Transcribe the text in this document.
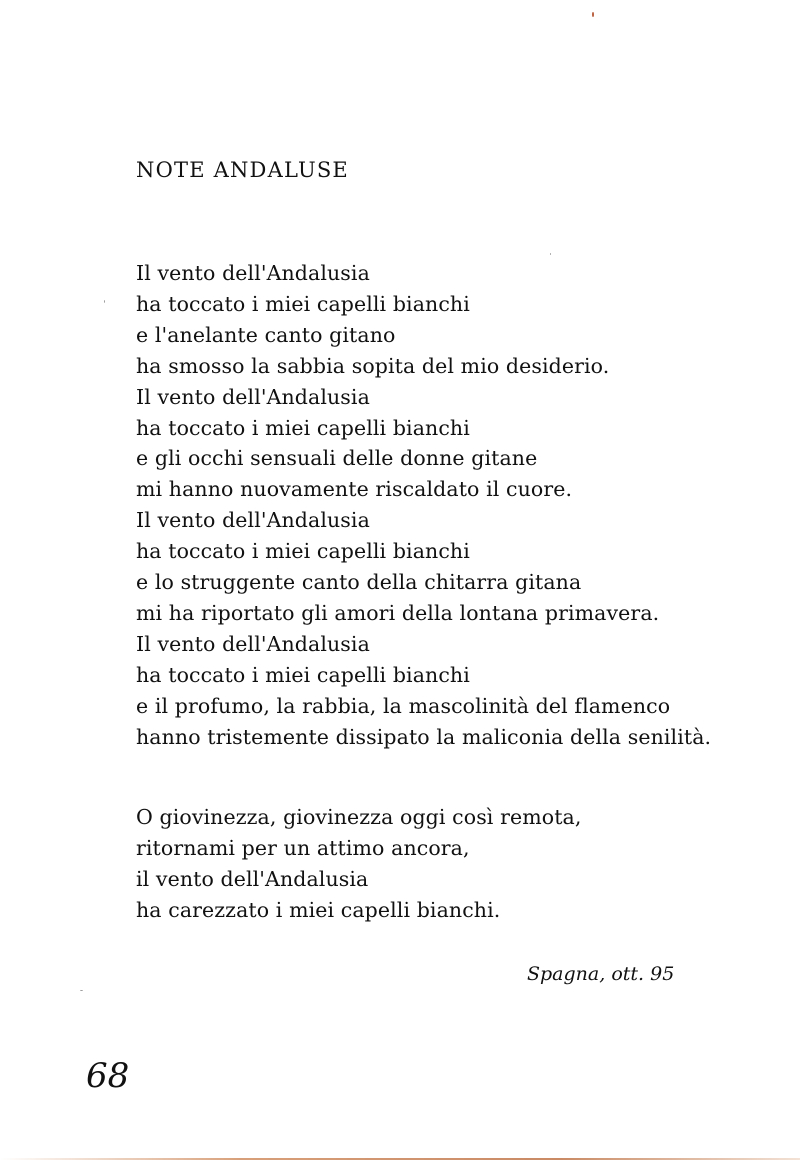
NOTE ANDALUSE
Il vento dell'Andalusia
ha toccato i miei capelli bianchi
e l'anelante canto gitano
ha smosso la sabbia sopita del mio desiderio.
Il vento dell'Andalusia
ha toccato i miei capelli bianchi
e gli occhi sensuali delle donne gitane
mi hanno nuovamente riscaldato il cuore.
Il vento dell'Andalusia
ha toccato i miei capelli bianchi
e lo struggente canto della chitarra gitana
mi ha riportato gli amori della lontana primavera.
Il vento dell'Andalusia
ha toccato i miei capelli bianchi
e il profumo, la rabbia, la mascolinità del flamenco
hanno tristemente dissipato la maliconia della senilità.
O giovinezza, giovinezza oggi così remota,
ritornami per un attimo ancora,
il vento dell'Andalusia
ha carezzato i miei capelli bianchi.

Spagna, ott. 95

68
